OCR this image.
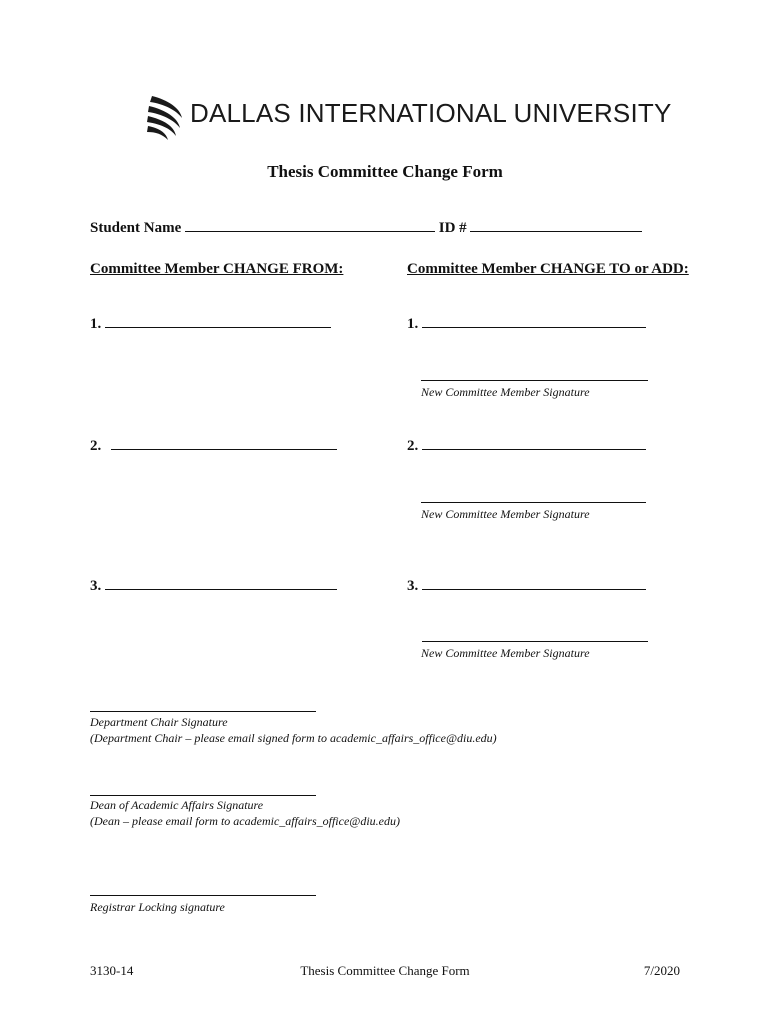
DALLAS INTERNATIONAL UNIVERSITY
Thesis Committee Change Form
Student Name	ID #
Committee Member CHANGE FROM:	Committee Member CHANGE TO or ADD:
1.	1.
New Committee Member Signature
2.	2.
New Committee Member Signature
3.	3.
New Committee Member Signature
Department Chair Signature
(Department Chair – please email signed form to academic_affairs_office@diu.edu)
Dean of Academic Affairs Signature
(Dean – please email form to academic_affairs_office@diu.edu)
Registrar Locking signature
3130-14	Thesis Committee Change Form	7/2020
